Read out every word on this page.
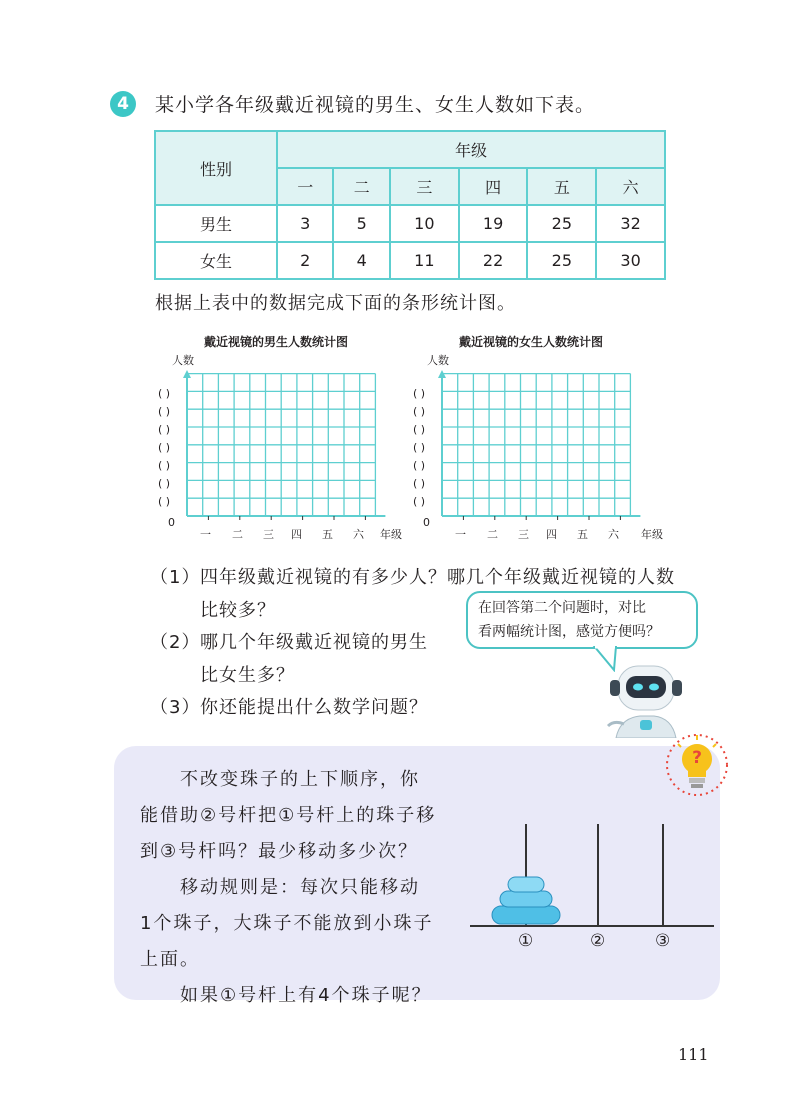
4	某小学各年级戴近视镜的男生、女生人数如下表。
性别	年级					
	一	二	三	四	五	六
男生	3	5	10	19	25	32
女生	2	4	11	22	25	30
根据上表中的数据完成下面的条形统计图。
戴近视镜的男生人数统计图
人数
( )
( )
( )
( )
( )
( )
( )
0
一 二 三 四 五 六 年级
戴近视镜的女生人数统计图
人数
( )
( )
( )
( )
( )
( )
( )
0
一 二 三 四 五 六 年级
（1） 四年级戴近视镜的有多少人？哪几个年级戴近视镜的人数
比较多？
（2） 哪几个年级戴近视镜的男生
比女生多？
（3） 你还能提出什么数学问题？
在回答第二个问题时，对比
看两幅统计图，感觉方便吗？
　　不改变珠子的上下顺序，你
能借助②号杆把①号杆上的珠子移
到③号杆吗？最少移动多少次？
　　移动规则是：每次只能移动
1个珠子，大珠子不能放到小珠子
上面。
　　如果①号杆上有4个珠子呢？
?
①	②	③
111
